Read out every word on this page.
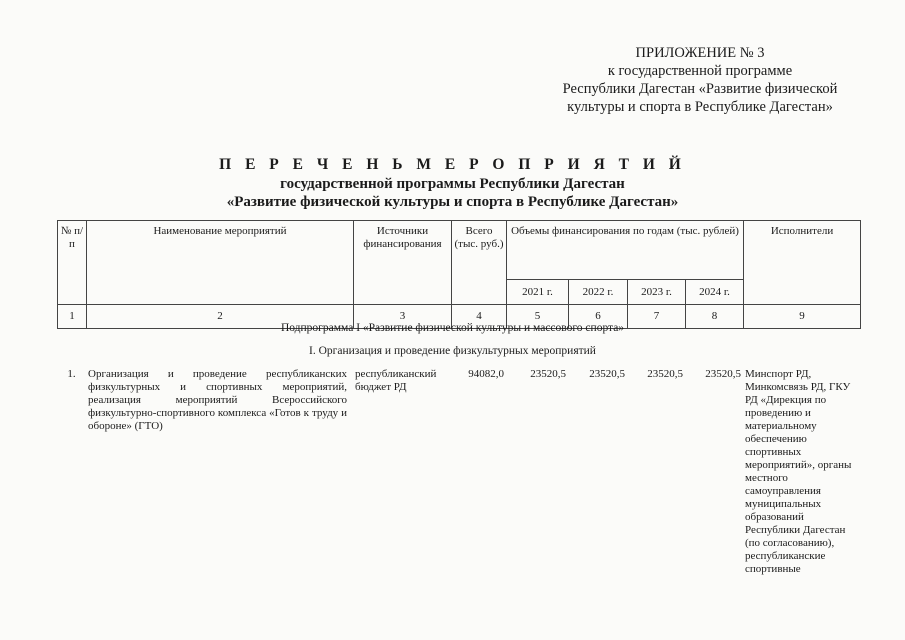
ПРИЛОЖЕНИЕ № 3
к государственной программе
Республики Дагестан «Развитие физической
культуры и спорта в Республике Дагестан»
П Е Р Е Ч Е Н Ь М Е Р О П Р И Я Т И Й
государственной программы Республики Дагестан
«Развитие физической культуры и спорта в Республике Дагестан»
№ п/п	Наименование мероприятий	Источники финансирования	Всего (тыс. руб.)	Объемы финансирования по годам (тыс. рублей)				Исполнители
				2021 г.	2022 г.	2023 г.	2024 г.	
1	2	3	4	5	6	7	8	9
Подпрограмма I «Развитие физической культуры и массового спорта»
I. Организация и проведение физкультурных мероприятий
1.	Организация и проведение республиканских физкультурных и спортивных мероприятий, реализация мероприятий Всероссийского физкультурно-спортивного комплекса «Готов к труду и обороне» (ГТО)	республиканский бюджет РД	94082,0	23520,5	23520,5	23520,5	23520,5	Минспорт РД, Минкомсвязь РД, ГКУ РД «Дирекция по проведению и материальному обеспечению спортивных мероприятий», органы местного самоуправления муниципальных образований Республики Дагестан (по согласованию), республиканские спортивные
